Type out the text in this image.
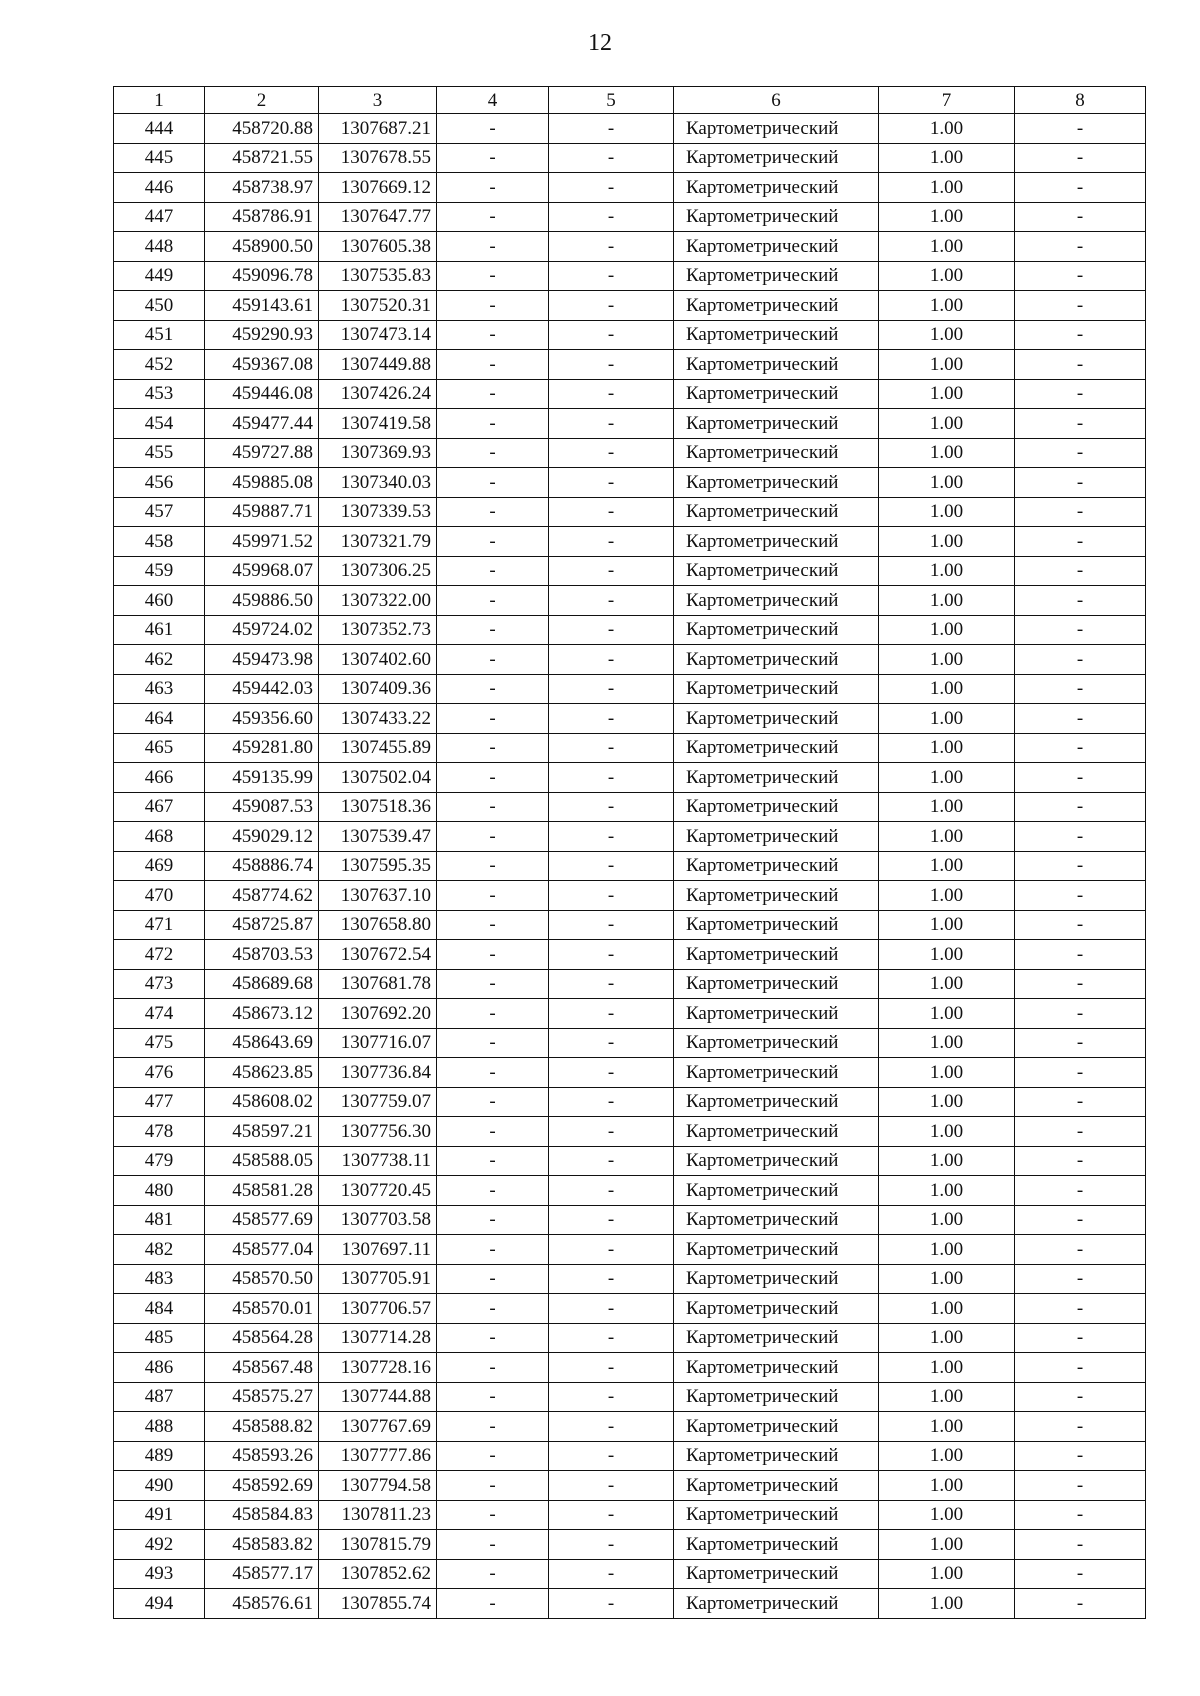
12
1	2	3	4	5	6	7	8
444	458720.88	1307687.21	-	-	Картометрический	1.00	-
445	458721.55	1307678.55	-	-	Картометрический	1.00	-
446	458738.97	1307669.12	-	-	Картометрический	1.00	-
447	458786.91	1307647.77	-	-	Картометрический	1.00	-
448	458900.50	1307605.38	-	-	Картометрический	1.00	-
449	459096.78	1307535.83	-	-	Картометрический	1.00	-
450	459143.61	1307520.31	-	-	Картометрический	1.00	-
451	459290.93	1307473.14	-	-	Картометрический	1.00	-
452	459367.08	1307449.88	-	-	Картометрический	1.00	-
453	459446.08	1307426.24	-	-	Картометрический	1.00	-
454	459477.44	1307419.58	-	-	Картометрический	1.00	-
455	459727.88	1307369.93	-	-	Картометрический	1.00	-
456	459885.08	1307340.03	-	-	Картометрический	1.00	-
457	459887.71	1307339.53	-	-	Картометрический	1.00	-
458	459971.52	1307321.79	-	-	Картометрический	1.00	-
459	459968.07	1307306.25	-	-	Картометрический	1.00	-
460	459886.50	1307322.00	-	-	Картометрический	1.00	-
461	459724.02	1307352.73	-	-	Картометрический	1.00	-
462	459473.98	1307402.60	-	-	Картометрический	1.00	-
463	459442.03	1307409.36	-	-	Картометрический	1.00	-
464	459356.60	1307433.22	-	-	Картометрический	1.00	-
465	459281.80	1307455.89	-	-	Картометрический	1.00	-
466	459135.99	1307502.04	-	-	Картометрический	1.00	-
467	459087.53	1307518.36	-	-	Картометрический	1.00	-
468	459029.12	1307539.47	-	-	Картометрический	1.00	-
469	458886.74	1307595.35	-	-	Картометрический	1.00	-
470	458774.62	1307637.10	-	-	Картометрический	1.00	-
471	458725.87	1307658.80	-	-	Картометрический	1.00	-
472	458703.53	1307672.54	-	-	Картометрический	1.00	-
473	458689.68	1307681.78	-	-	Картометрический	1.00	-
474	458673.12	1307692.20	-	-	Картометрический	1.00	-
475	458643.69	1307716.07	-	-	Картометрический	1.00	-
476	458623.85	1307736.84	-	-	Картометрический	1.00	-
477	458608.02	1307759.07	-	-	Картометрический	1.00	-
478	458597.21	1307756.30	-	-	Картометрический	1.00	-
479	458588.05	1307738.11	-	-	Картометрический	1.00	-
480	458581.28	1307720.45	-	-	Картометрический	1.00	-
481	458577.69	1307703.58	-	-	Картометрический	1.00	-
482	458577.04	1307697.11	-	-	Картометрический	1.00	-
483	458570.50	1307705.91	-	-	Картометрический	1.00	-
484	458570.01	1307706.57	-	-	Картометрический	1.00	-
485	458564.28	1307714.28	-	-	Картометрический	1.00	-
486	458567.48	1307728.16	-	-	Картометрический	1.00	-
487	458575.27	1307744.88	-	-	Картометрический	1.00	-
488	458588.82	1307767.69	-	-	Картометрический	1.00	-
489	458593.26	1307777.86	-	-	Картометрический	1.00	-
490	458592.69	1307794.58	-	-	Картометрический	1.00	-
491	458584.83	1307811.23	-	-	Картометрический	1.00	-
492	458583.82	1307815.79	-	-	Картометрический	1.00	-
493	458577.17	1307852.62	-	-	Картометрический	1.00	-
494	458576.61	1307855.74	-	-	Картометрический	1.00	-
